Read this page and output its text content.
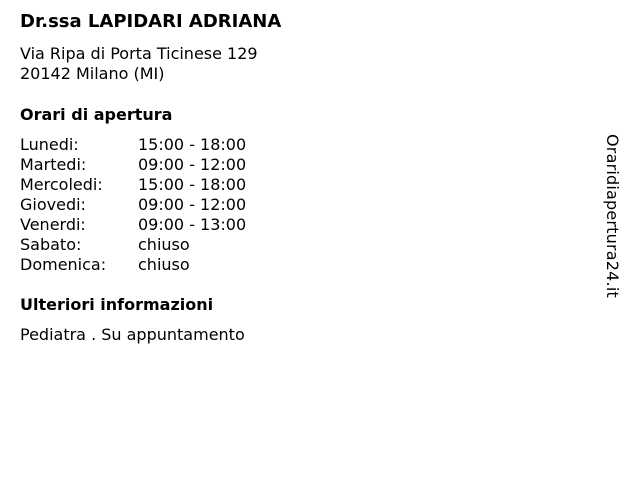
Dr.ssa LAPIDARI ADRIANA
Via Ripa di Porta Ticinese 129
20142 Milano (MI)
Orari di apertura
Lunedi:	15:00 - 18:00
Martedi:	09:00 - 12:00
Mercoledi:	15:00 - 18:00
Giovedi:	09:00 - 12:00
Venerdi:	09:00 - 13:00
Sabato:	chiuso
Domenica:	chiuso
Ulteriori informazioni
Pediatra . Su appuntamento
Oraridiapertura24.it
